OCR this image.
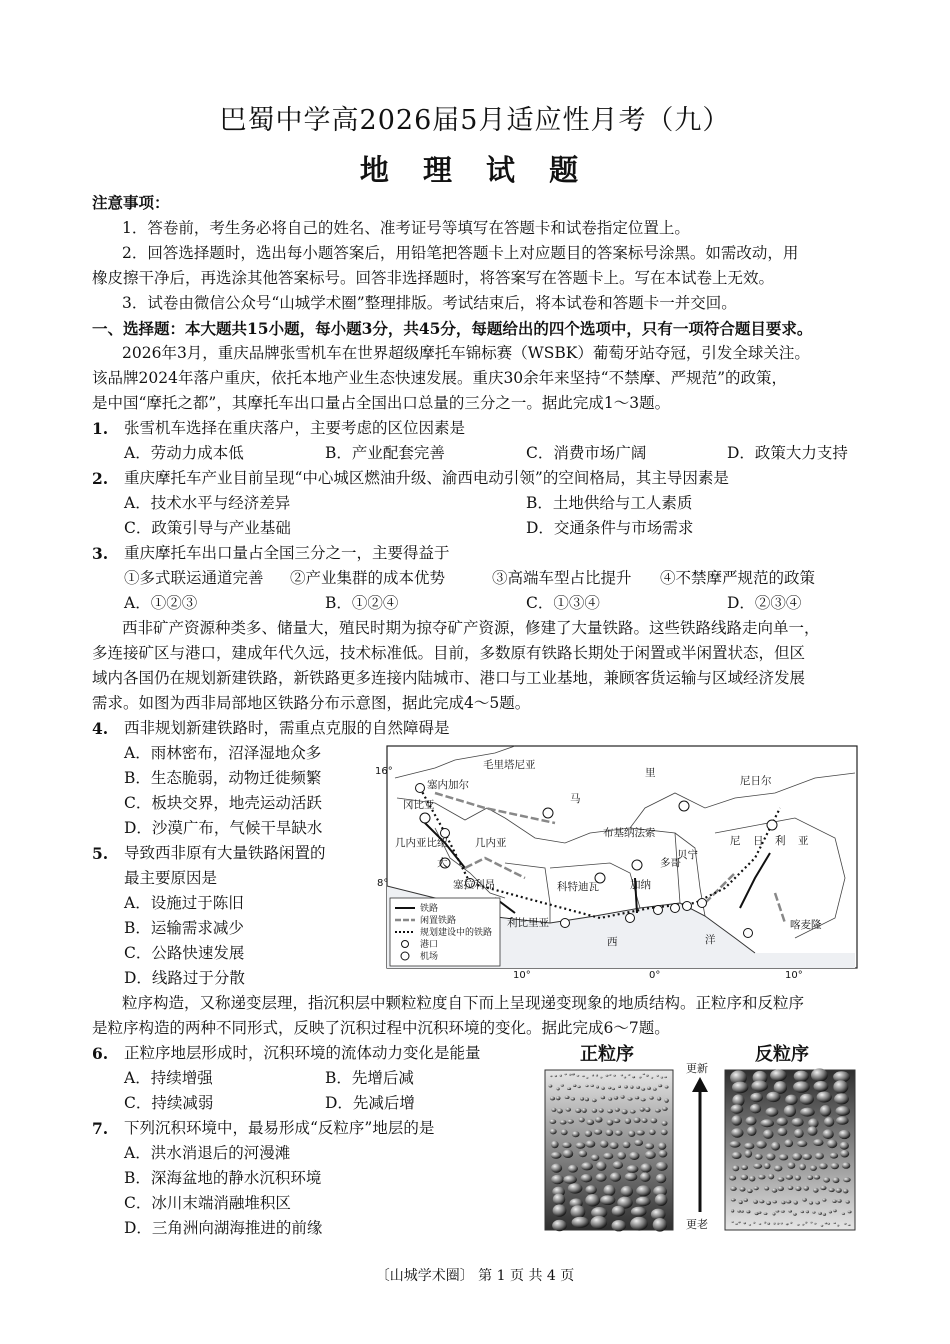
巴蜀中学高2026届5月适应性月考（九）
地 理 试 题
注意事项：
1．答卷前，考生务必将自己的姓名、准考证号等填写在答题卡和试卷指定位置上。
2．回答选择题时，选出每小题答案后，用铅笔把答题卡上对应题目的答案标号涂黑。如需改动，用
橡皮擦干净后，再选涂其他答案标号。回答非选择题时，将答案写在答题卡上。写在本试卷上无效。
3．试卷由微信公众号“山城学术圈”整理排版。考试结束后，将本试卷和答题卡一并交回。
一、选择题：本大题共15小题，每小题3分，共45分，每题给出的四个选项中，只有一项符合题目要求。
2026年3月，重庆品牌张雪机车在世界超级摩托车锦标赛（WSBK）葡萄牙站夺冠，引发全球关注。
该品牌2024年落户重庆，依托本地产业生态快速发展。重庆30余年来坚持“不禁摩、严规范”的政策，
是中国“摩托之都”，其摩托车出口量占全国出口总量的三分之一。据此完成1～3题。
1. 张雪机车选择在重庆落户，主要考虑的区位因素是
A．劳动力成本低	B．产业配套完善	C．消费市场广阔	D．政策大力支持
2. 重庆摩托车产业目前呈现“中心城区燃油升级、渝西电动引领”的空间格局，其主导因素是
A．技术水平与经济差异	B．土地供给与工人素质
C．政策引导与产业基础	D．交通条件与市场需求
3. 重庆摩托车出口量占全国三分之一，主要得益于
①多式联运通道完善 ②产业集群的成本优势	③高端车型占比提升 ④不禁摩严规范的政策
A．①②③	B．①②④	C．①③④	D．②③④
西非矿产资源种类多、储量大，殖民时期为掠夺矿产资源，修建了大量铁路。这些铁路线路走向单一，
多连接矿区与港口，建成年代久远，技术标准低。目前，多数原有铁路长期处于闲置或半闲置状态，但区
域内各国仍在规划新建铁路，新铁路更多连接内陆城市、港口与工业基地，兼顾客货运输与区域经济发展
需求。如图为西非局部地区铁路分布示意图，据此完成4～5题。
4. 西非规划新建铁路时，需重点克服的自然障碍是
A．雨林密布，沼泽湿地众多
B．生态脆弱，动物迁徙频繁
C．板块交界，地壳运动活跃
D．沙漠广布，气候干旱缺水
5. 导致西非原有大量铁路闲置的
最主要原因是
A．设施过于陈旧
B．运输需求减少
C．公路快速发展
D．线路过于分散
毛里塔尼亚
里
马
尼日尔
塞内加尔
冈比亚
几内亚比绍	几内亚
布基纳法索
尼 日 利 亚
贝宁
多哥
加纳
科特迪瓦
塞拉利昂
利比里亚	喀麦隆
西	洋
大
16°
8°
10°	0°	10°
铁路
闲置铁路
规划建设中的铁路
港口
机场
粒序构造，又称递变层理，指沉积层中颗粒粒度自下而上呈现递变现象的地质结构。正粒序和反粒序
是粒序构造的两种不同形式，反映了沉积过程中沉积环境的变化。据此完成6～7题。
6. 正粒序地层形成时，沉积环境的流体动力变化是能量
A．持续增强	B．先增后减
C．持续减弱	D．先减后增
7. 下列沉积环境中，最易形成“反粒序”地层的是
A．洪水消退后的河漫滩
B．深海盆地的静水沉积环境
C．冰川末端消融堆积区
D．三角洲向湖海推进的前缘
正粒序	反粒序
更新
更老
〔山城学术圈〕 第 1 页 共 4 页
